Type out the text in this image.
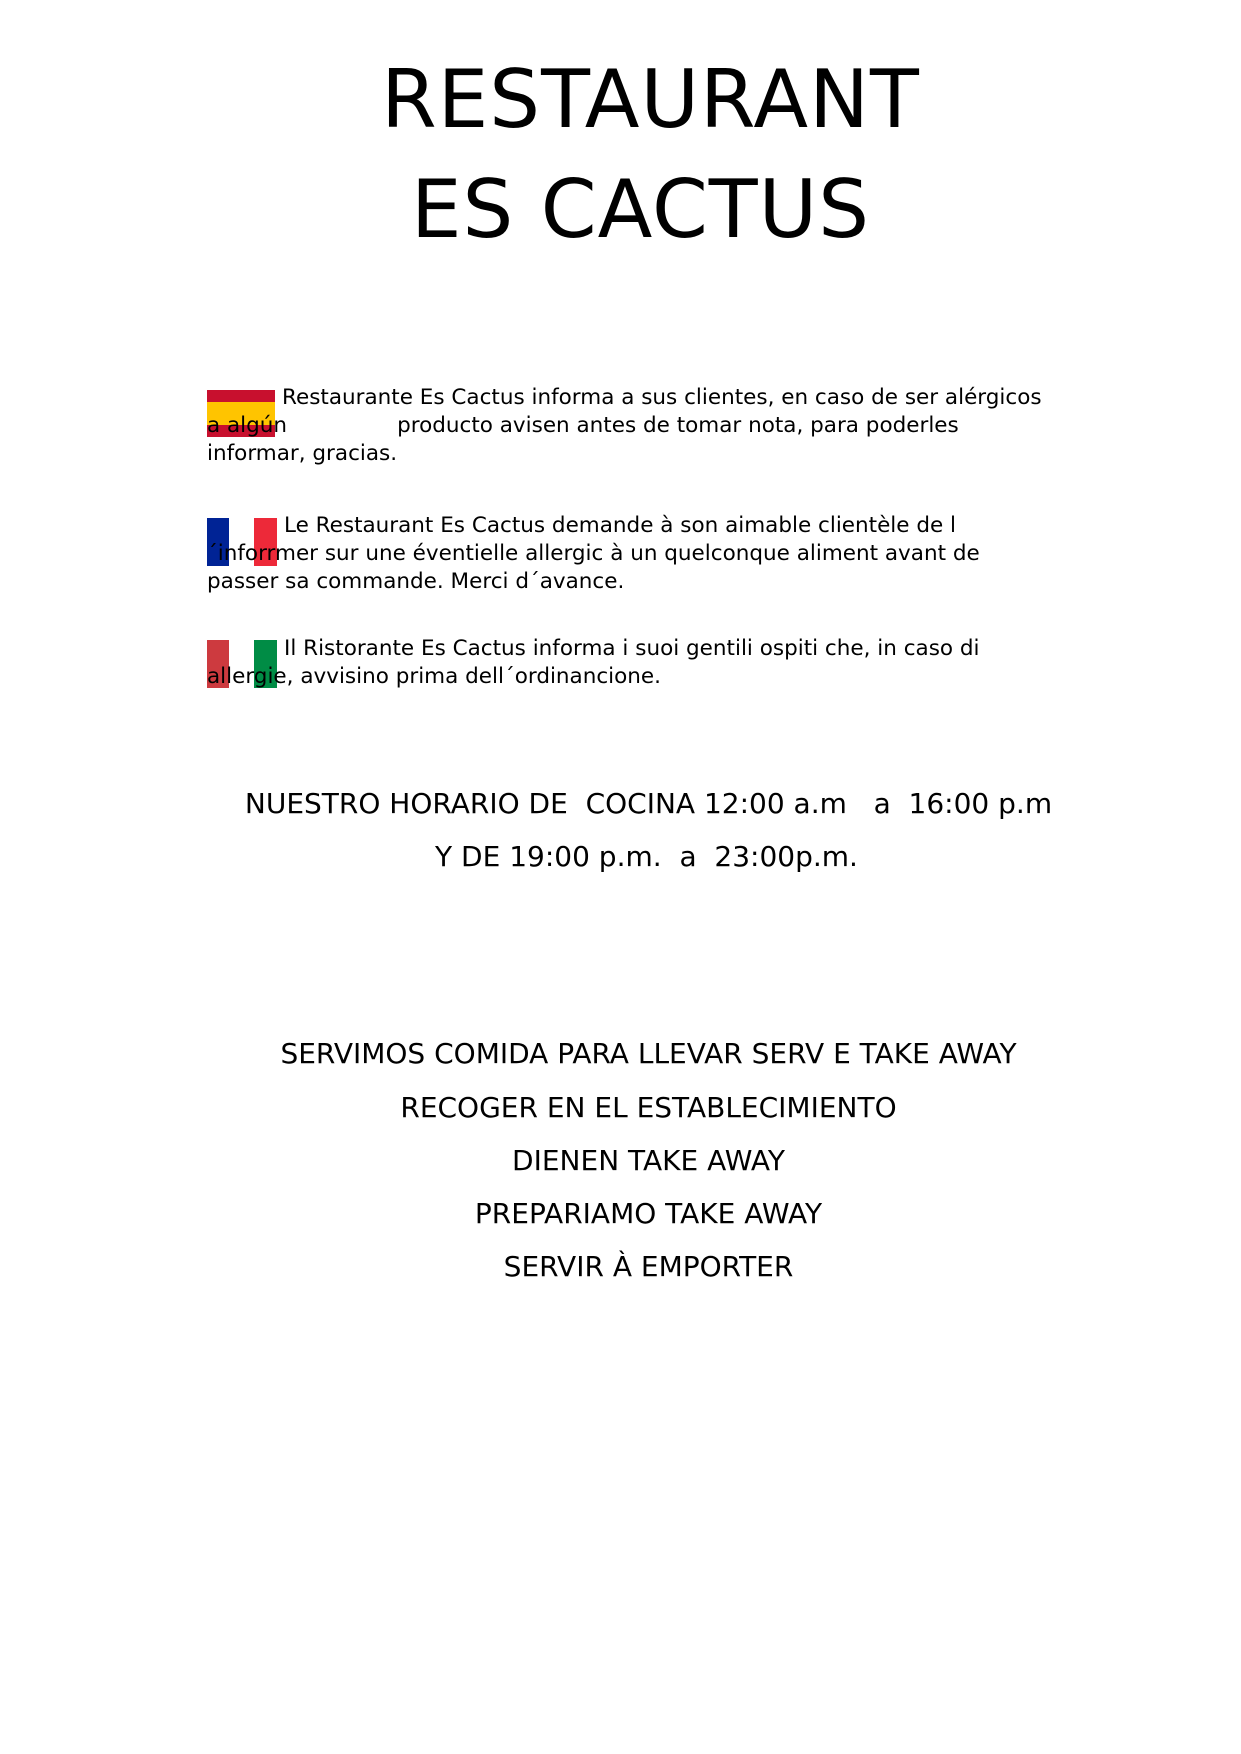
RESTAURANT
ES CACTUS
Restaurante Es Cactus informa a sus clientes, en caso de ser alérgicos a algún	producto avisen antes de tomar nota, para poderles informar, gracias.
Le Restaurant Es Cactus demande à son aimable clientèle de l ´inforrmer sur une éventielle allergic à un quelconque aliment avant de passer sa commande. Merci d´avance.
Il Ristorante Es Cactus informa i suoi gentili ospiti che, in caso di allergie, avvisino prima dell´ordinancione.
NUESTRO HORARIO DE  COCINA 12:00 a.m   a  16:00 p.m
Y DE 19:00 p.m.  a  23:00p.m.
SERVIMOS COMIDA PARA LLEVAR SERV E TAKE AWAY
RECOGER EN EL ESTABLECIMIENTO
DIENEN TAKE AWAY
PREPARIAMO TAKE AWAY
SERVIR À EMPORTER
